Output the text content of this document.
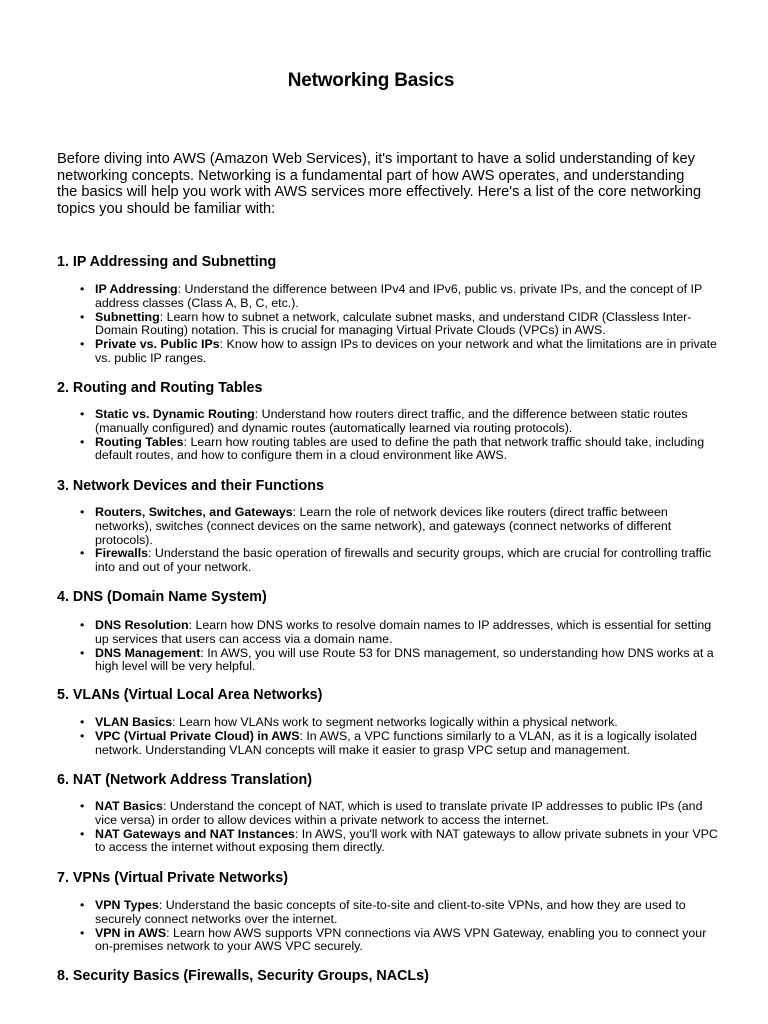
Networking Basics

Before diving into AWS (Amazon Web Services), it's important to have a solid understanding of key networking concepts. Networking is a fundamental part of how AWS operates, and understanding the basics will help you work with AWS services more effectively. Here's a list of the core networking topics you should be familiar with:

1. IP Addressing and Subnetting
• IP Addressing: Understand the difference between IPv4 and IPv6, public vs. private IPs, and the concept of IP address classes (Class A, B, C, etc.).
• Subnetting: Learn how to subnet a network, calculate subnet masks, and understand CIDR (Classless Inter-Domain Routing) notation. This is crucial for managing Virtual Private Clouds (VPCs) in AWS.
• Private vs. Public IPs: Know how to assign IPs to devices on your network and what the limitations are in private vs. public IP ranges.
2. Routing and Routing Tables
• Static vs. Dynamic Routing: Understand how routers direct traffic, and the difference between static routes (manually configured) and dynamic routes (automatically learned via routing protocols).
• Routing Tables: Learn how routing tables are used to define the path that network traffic should take, including default routes, and how to configure them in a cloud environment like AWS.
3. Network Devices and their Functions
• Routers, Switches, and Gateways: Learn the role of network devices like routers (direct traffic between networks), switches (connect devices on the same network), and gateways (connect networks of different protocols).
• Firewalls: Understand the basic operation of firewalls and security groups, which are crucial for controlling traffic into and out of your network.
4. DNS (Domain Name System)
• DNS Resolution: Learn how DNS works to resolve domain names to IP addresses, which is essential for setting up services that users can access via a domain name.
• DNS Management: In AWS, you will use Route 53 for DNS management, so understanding how DNS works at a high level will be very helpful.
5. VLANs (Virtual Local Area Networks)
• VLAN Basics: Learn how VLANs work to segment networks logically within a physical network.
• VPC (Virtual Private Cloud) in AWS: In AWS, a VPC functions similarly to a VLAN, as it is a logically isolated network. Understanding VLAN concepts will make it easier to grasp VPC setup and management.
6. NAT (Network Address Translation)
• NAT Basics: Understand the concept of NAT, which is used to translate private IP addresses to public IPs (and vice versa) in order to allow devices within a private network to access the internet.
• NAT Gateways and NAT Instances: In AWS, you'll work with NAT gateways to allow private subnets in your VPC to access the internet without exposing them directly.
7. VPNs (Virtual Private Networks)
• VPN Types: Understand the basic concepts of site-to-site and client-to-site VPNs, and how they are used to securely connect networks over the internet.
• VPN in AWS: Learn how AWS supports VPN connections via AWS VPN Gateway, enabling you to connect your on-premises network to your AWS VPC securely.
8. Security Basics (Firewalls, Security Groups, NACLs)
